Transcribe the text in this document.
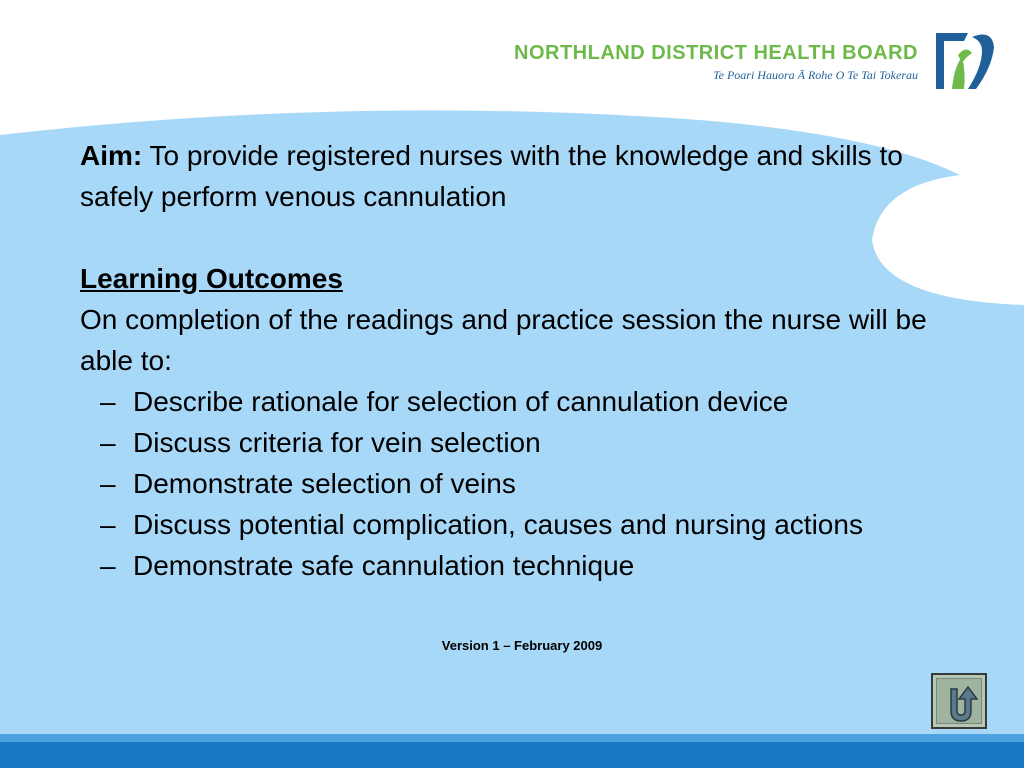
NORTHLAND DISTRICT HEALTH BOARD
Te Poari Hauora Ā Rohe O Te Tai Tokerau
Aim: To provide registered nurses with the knowledge and skills to safely perform venous cannulation
Learning Outcomes
On completion of the readings and practice session the nurse will be able to:
– Describe rationale for selection of cannulation device
– Discuss criteria for vein selection
– Demonstrate selection of veins
– Discuss potential complication, causes and nursing actions
– Demonstrate safe cannulation technique
Version 1 – February 2009
